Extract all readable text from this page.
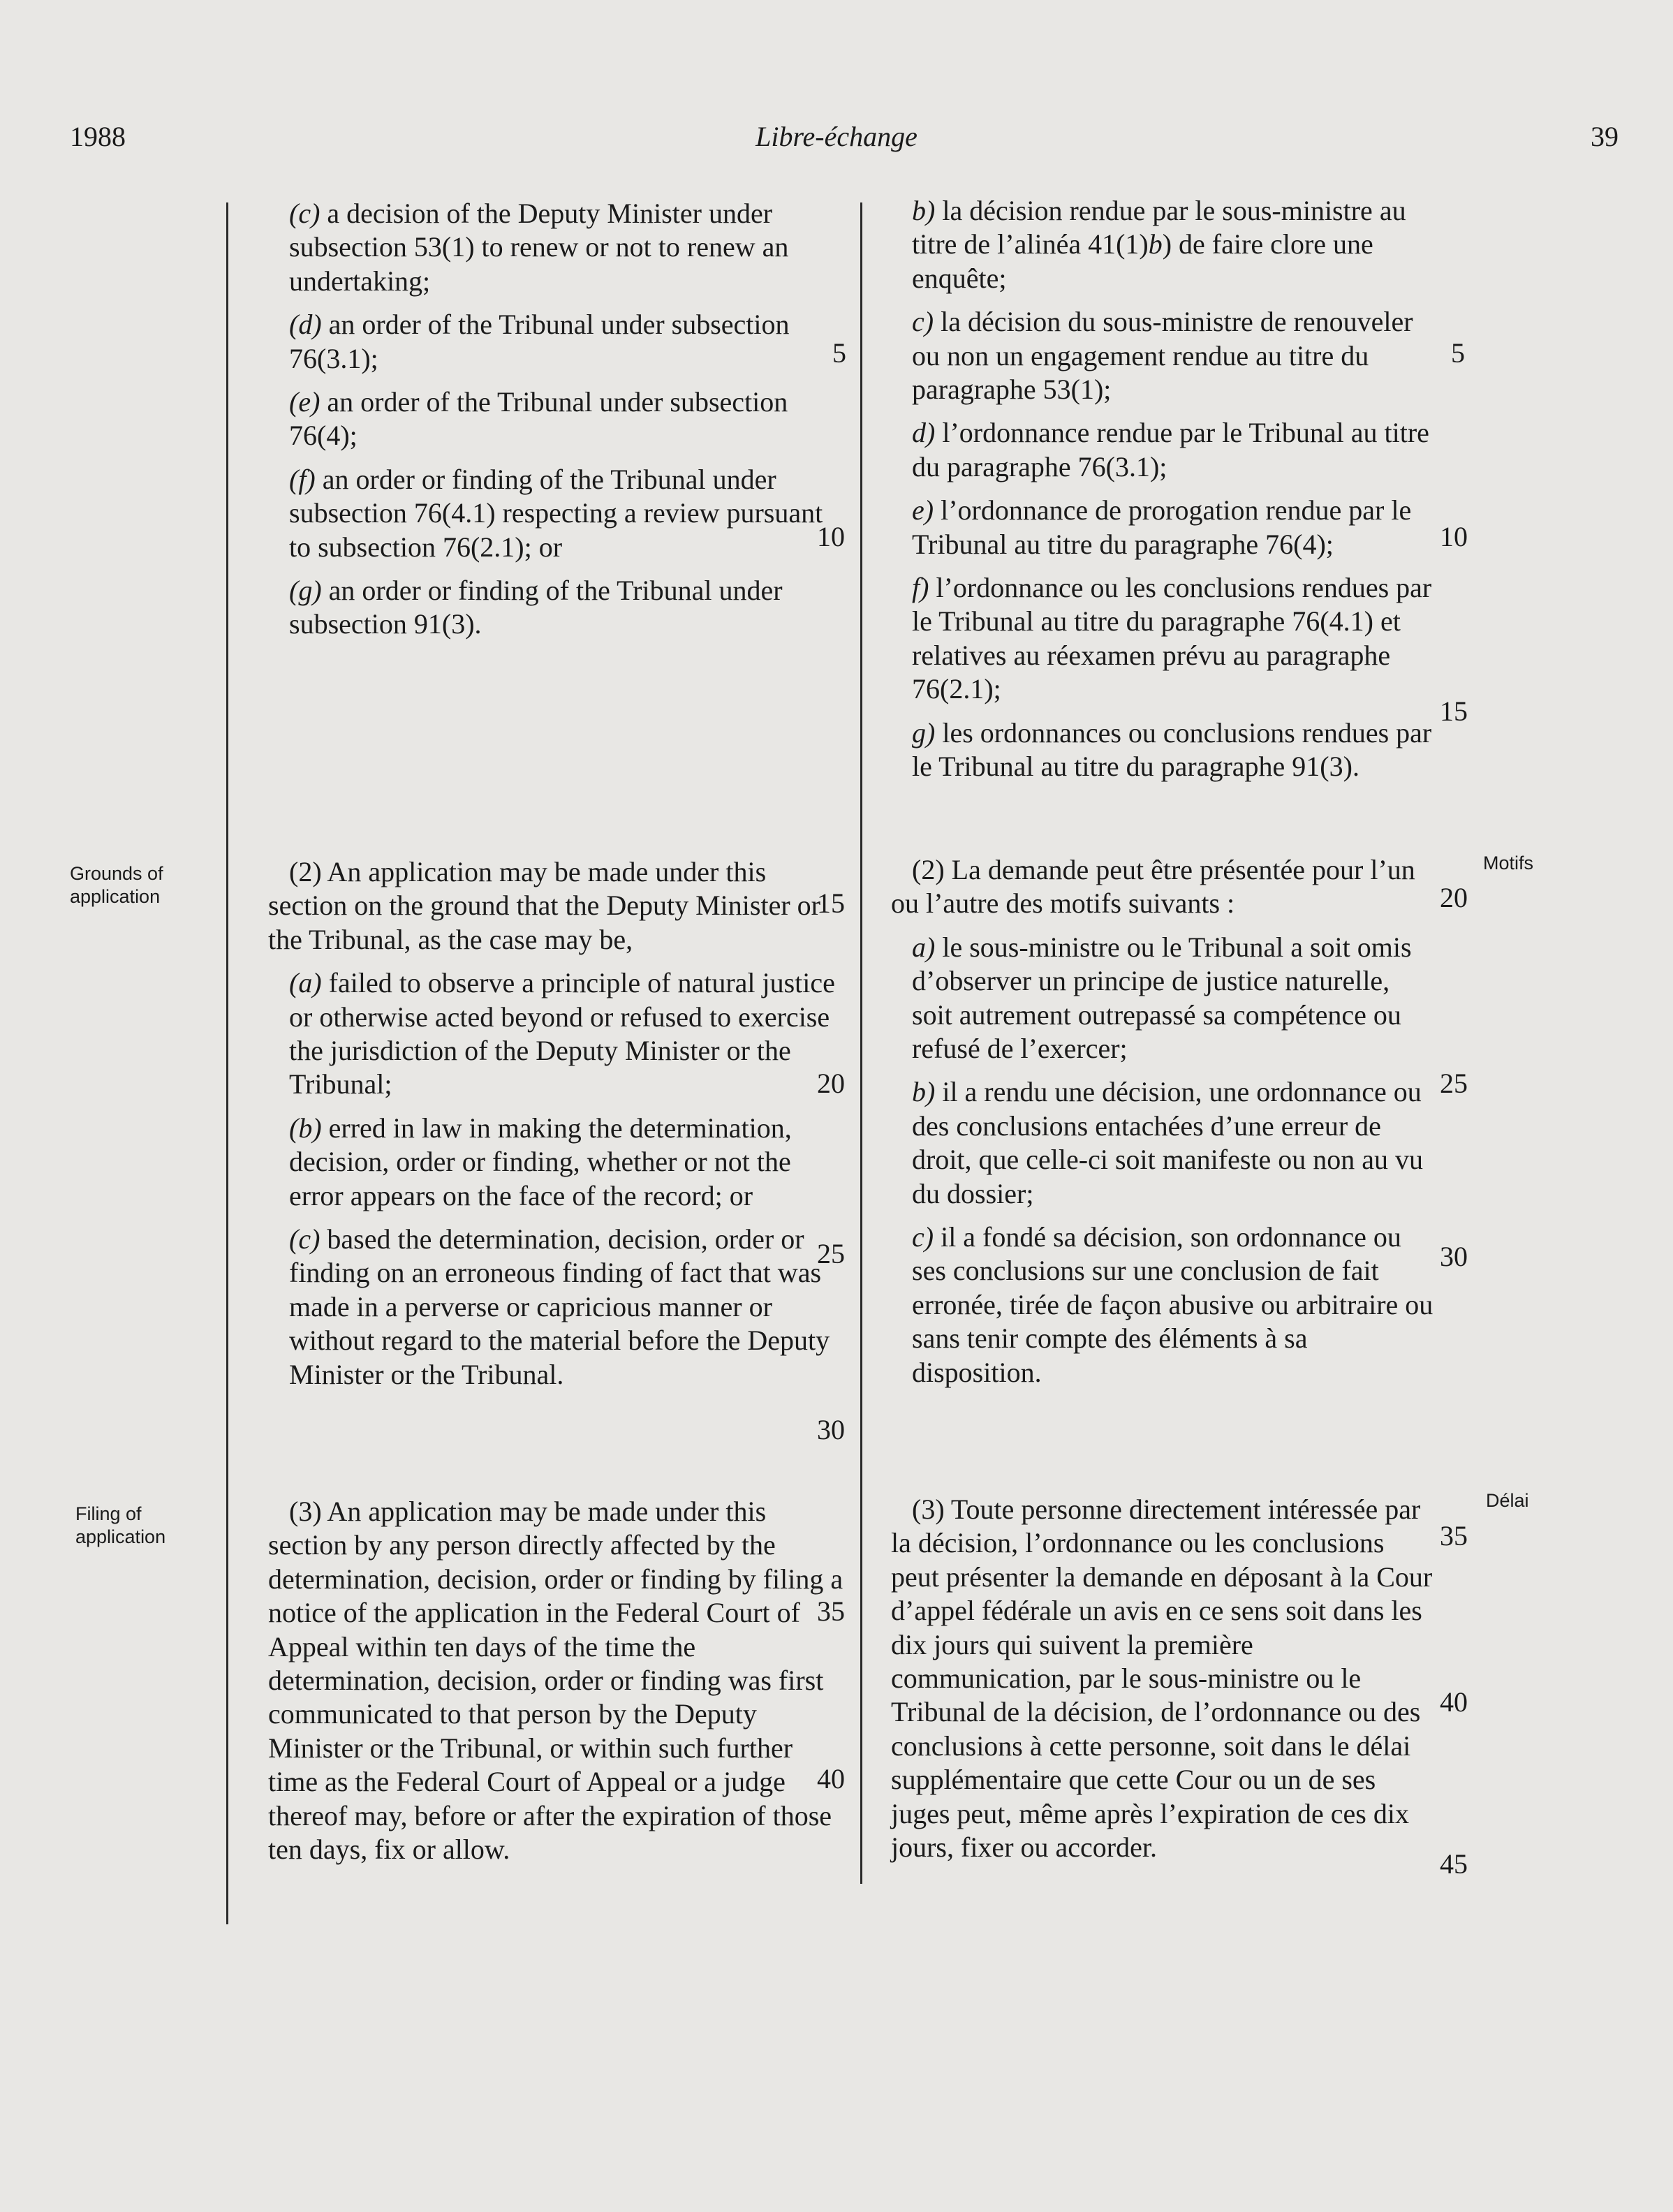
1988	Libre-échange	39
Grounds of
application
Filing of
application
Motifs
Délai

(c) a decision of the Deputy Minister under subsection 53(1) to renew or not to renew an undertaking;

(d) an order of the Tribunal under subsection 76(3.1);

(e) an order of the Tribunal under subsection 76(4);

(f) an order or finding of the Tribunal under subsection 76(4.1) respecting a review pursuant to subsection 76(2.1); or

(g) an order or finding of the Tribunal under subsection 91(3).

(2) An application may be made under this section on the ground that the Deputy Minister or the Tribunal, as the case may be,

(a) failed to observe a principle of natural justice or otherwise acted beyond or refused to exercise the jurisdiction of the Deputy Minister or the Tribunal;

(b) erred in law in making the determination, decision, order or finding, whether or not the error appears on the face of the record; or

(c) based the determination, decision, order or finding on an erroneous finding of fact that was made in a perverse or capricious manner or without regard to the material before the Deputy Minister or the Tribunal.

(3) An application may be made under this section by any person directly affected by the determination, decision, order or finding by filing a notice of the application in the Federal Court of Appeal within ten days of the time the determination, decision, order or finding was first communicated to that person by the Deputy Minister or the Tribunal, or within such further time as the Federal Court of Appeal or a judge thereof may, before or after the expiration of those ten days, fix or allow.

b) la décision rendue par le sous-ministre au titre de l’alinéa 41(1)b) de faire clore une enquête;

c) la décision du sous-ministre de renouveler ou non un engagement rendue au titre du paragraphe 53(1);

d) l’ordonnance rendue par le Tribunal au titre du paragraphe 76(3.1);

e) l’ordonnance de prorogation rendue par le Tribunal au titre du paragraphe 76(4);

f) l’ordonnance ou les conclusions rendues par le Tribunal au titre du paragraphe 76(4.1) et relatives au réexamen prévu au paragraphe 76(2.1);

g) les ordonnances ou conclusions rendues par le Tribunal au titre du paragraphe 91(3).

(2) La demande peut être présentée pour l’un ou l’autre des motifs suivants :

a) le sous-ministre ou le Tribunal a soit omis d’observer un principe de justice naturelle, soit autrement outrepassé sa compétence ou refusé de l’exercer;

b) il a rendu une décision, une ordonnance ou des conclusions entachées d’une erreur de droit, que celle-ci soit manifeste ou non au vu du dossier;

c) il a fondé sa décision, son ordonnance ou ses conclusions sur une conclusion de fait erronée, tirée de façon abusive ou arbitraire ou sans tenir compte des éléments à sa disposition.

(3) Toute personne directement intéressée par la décision, l’ordonnance ou les conclusions peut présenter la demande en déposant à la Cour d’appel fédérale un avis en ce sens soit dans les dix jours qui suivent la première communication, par le sous-ministre ou le Tribunal de la décision, de l’ordonnance ou des conclusions à cette personne, soit dans le délai supplémentaire que cette Cour ou un de ses juges peut, même après l’expiration de ces dix jours, fixer ou accorder.

5
10
15
20
25
30
35
40
5
10
15
20
25
30
35
40
45
